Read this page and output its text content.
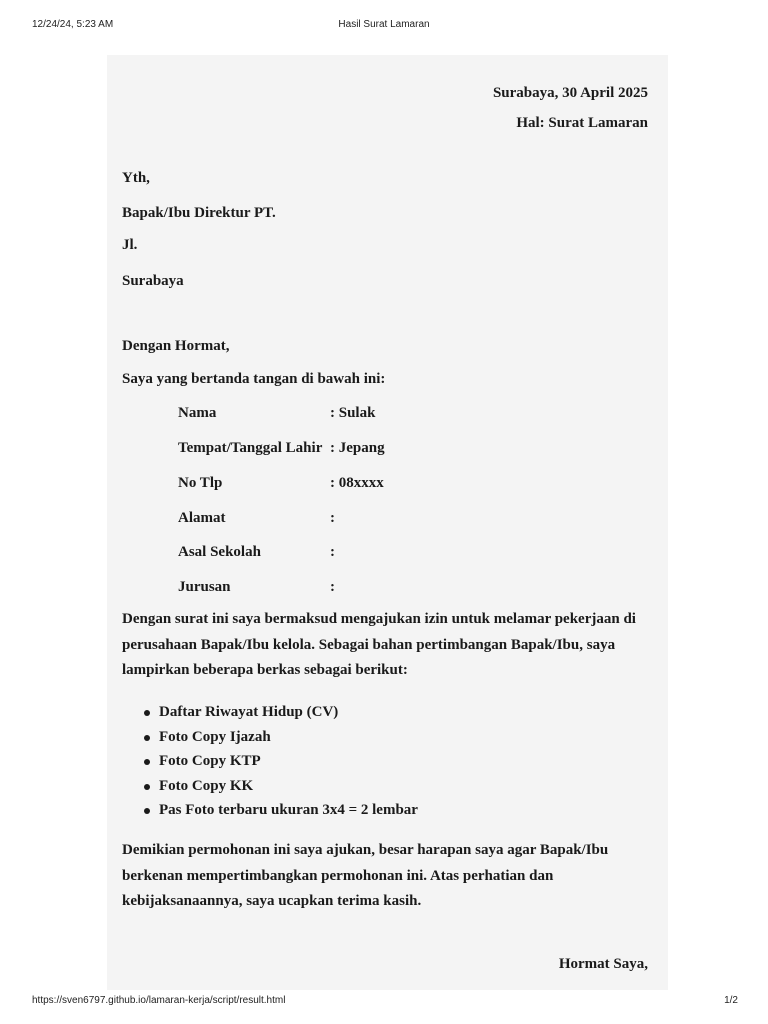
12/24/24, 5:23 AM	Hasil Surat Lamaran
Surabaya, 30 April 2025
Hal: Surat Lamaran
Yth,
Bapak/Ibu Direktur PT.
Jl.
Surabaya
Dengan Hormat,
Saya yang bertanda tangan di bawah ini:
Nama	: Sulak
Tempat/Tanggal Lahir : Jepang
No Tlp	: 08xxxx
Alamat	:
Asal Sekolah	:
Jurusan	:
Dengan surat ini saya bermaksud mengajukan izin untuk melamar pekerjaan di perusahaan Bapak/Ibu kelola. Sebagai bahan pertimbangan Bapak/Ibu, saya lampirkan beberapa berkas sebagai berikut:
Daftar Riwayat Hidup (CV)
Foto Copy Ijazah
Foto Copy KTP
Foto Copy KK
Pas Foto terbaru ukuran 3x4 = 2 lembar
Demikian permohonan ini saya ajukan, besar harapan saya agar Bapak/Ibu berkenan mempertimbangkan permohonan ini. Atas perhatian dan kebijaksanaannya, saya ucapkan terima kasih.
Hormat Saya,
https://sven6797.github.io/lamaran-kerja/script/result.html	1/2
